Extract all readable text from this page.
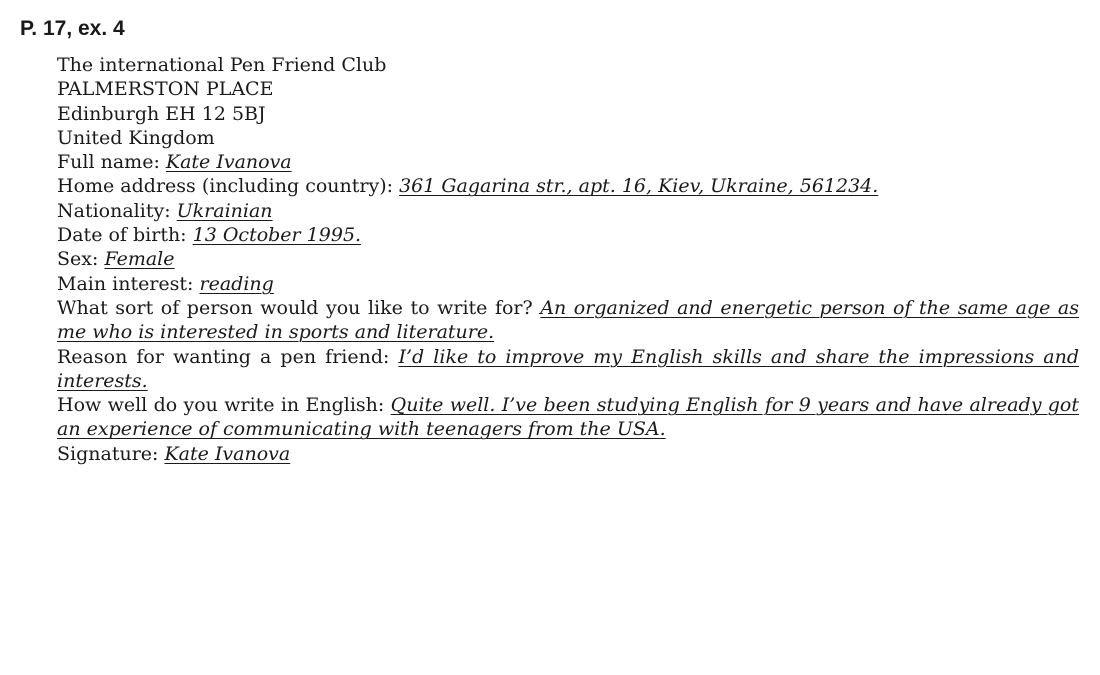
P. 17, ex. 4
The international Pen Friend Club
PALMERSTON PLACE
Edinburgh EH 12 5BJ
United Kingdom
Full name: Kate Ivanova
Home address (including country): 361 Gagarina str., apt. 16, Kiev, Ukraine, 561234.
Nationality: Ukrainian
Date of birth: 13 October 1995.
Sex: Female
Main interest: reading
What sort of person would you like to write for? An organized and energetic person of the same age as me who is interested in sports and literature.
Reason for wanting a pen friend: I’d like to improve my English skills and share the impressions and interests.
How well do you write in English: Quite well. I’ve been studying English for 9 years and have already got an experience of communicating with teenagers from the USA.
Signature: Kate Ivanova
